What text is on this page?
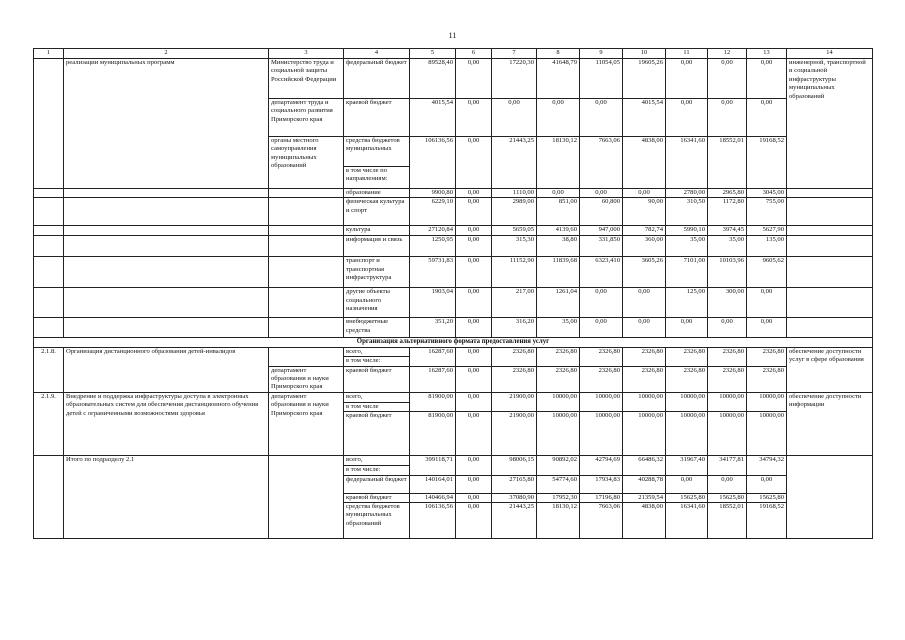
11
1	2	3	4	5	6	7	8	9	10	11	12	13	14
	реализации муниципальных программ	Министерство труда и социальной защиты Российской Федерации	федеральный бюджет	89528,40	0,00	17220,30	41648,79	11054,05	19605,26	0,00	0,00	0,00	инженерной, транспортной и социальной инфраструктуры муниципальных образований
		департамент труда и социального развития Приморского края	краевой бюджет	4015,54	0,00	0,00	0,00	0,00	4015,54	0,00	0,00	0,00	
		органы местного самоуправления муниципальных образований	средства бюджетов муниципальных	106136,56	0,00	21443,25	18130,12	7663,06	4838,00	16341,60	18552,01	19168,52	
			в том числе по направлениям:										
			образование	9900,80	0,00	1110,00	0,00	0,00	0,00	2780,00	2965,80	3045,00	
			физическая культура и спорт	6229,10	0,00	2989,00	851,00	60,800	90,00	310,50	1172,80	755,00	
			культура	27120,84	0,00	5659,05	4139,60	947,000	782,74	5990,10	3974,45	5627,90	
			информация и связь	1250,95	0,00	315,30	38,80	331,850	360,00	35,00	35,00	135,00	
			транспорт и транспортная инфраструктура	59731,83	0,00	11152,90	11839,68	6323,410	3605,26	7101,00	10103,96	9605,62	
			другие объекты социального назначения	1903,04	0,00	217,00	1261,04	0,00	0,00	125,00	300,00	0,00	
			внебюджетные средства	351,20	0,00	316,20	35,00	0,00	0,00	0,00	0,00	0,00	
Организация альтернативного формата предоставления услуг													
2.1.8.	Организация дистанционного образования детей-инвалидов		всего,	16287,60	0,00	2326,80	2326,80	2326,80	2326,80	2326,80	2326,80	2326,80	обеспечение доступности услуг в сфере образования
			в том числе:										
		департамент образования и науки Приморского края	краевой бюджет	16287,60	0,00	2326,80	2326,80	2326,80	2326,80	2326,80	2326,80	2326,80	
2.1.9.	Внедрение и поддержка инфраструктуры доступа в электронных образовательных систем для обеспечения дистанционного обучения детей с ограниченными возможностями здоровья	департамент образования и науки Приморского края	всего,	81900,00	0,00	21900,00	10000,00	10000,00	10000,00	10000,00	10000,00	10000,00	обеспечение доступности информации
			в том числе										
			краевой бюджет	81900,00	0,00	21900,00	10000,00	10000,00	10000,00	10000,00	10000,00	10000,00	
	Итого по подразделу 2.1		всего,	399118,71	0,00	98006,15	90892,02	42794,69	66486,32	31967,40	34177,81	34794,32	
			в том числе:										
			федеральный бюджет	140164,01	0,00	27165,80	54774,60	17934,83	40288,78	0,00	0,00	0,00	
			краевой бюджет	140466,94	0,00	37080,90	17952,30	17196,80	21359,54	15625,80	15625,80	15625,80	
			средства бюджетов муниципальных образований	106136,56	0,00	21443,25	18130,12	7663,06	4838,00	16341,60	18552,01	19168,52	
